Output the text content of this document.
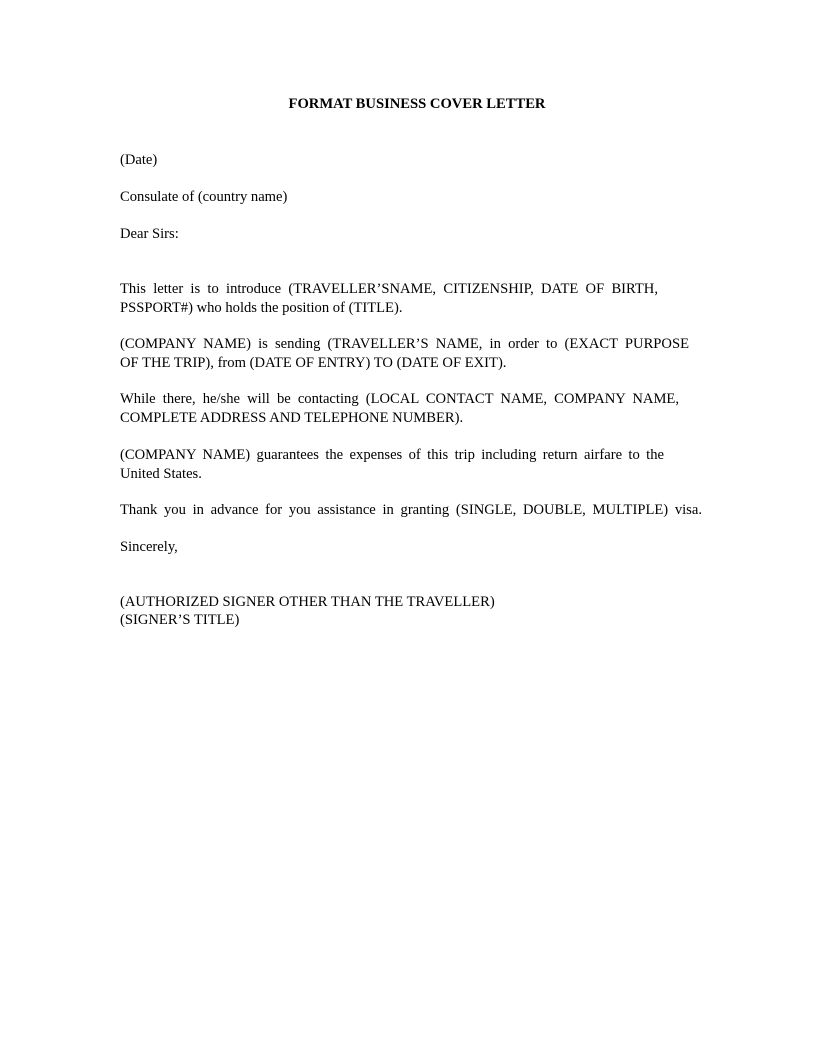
FORMAT BUSINESS COVER LETTER
(Date)
Consulate of (country name)
Dear Sirs:
This letter is to introduce (TRAVELLER’SNAME, CITIZENSHIP, DATE OF BIRTH,
PSSPORT#) who holds the position of (TITLE).
(COMPANY NAME) is sending (TRAVELLER’S NAME, in order to (EXACT PURPOSE
OF THE TRIP), from (DATE OF ENTRY) TO (DATE OF EXIT).
While there, he/she will be contacting (LOCAL CONTACT NAME, COMPANY NAME,
COMPLETE ADDRESS AND TELEPHONE NUMBER).
(COMPANY NAME) guarantees the expenses of this trip including return airfare to the
United States.
Thank you in advance for you assistance in granting (SINGLE, DOUBLE, MULTIPLE) visa.
Sincerely,
(AUTHORIZED SIGNER OTHER THAN THE TRAVELLER)
(SIGNER’S TITLE)
